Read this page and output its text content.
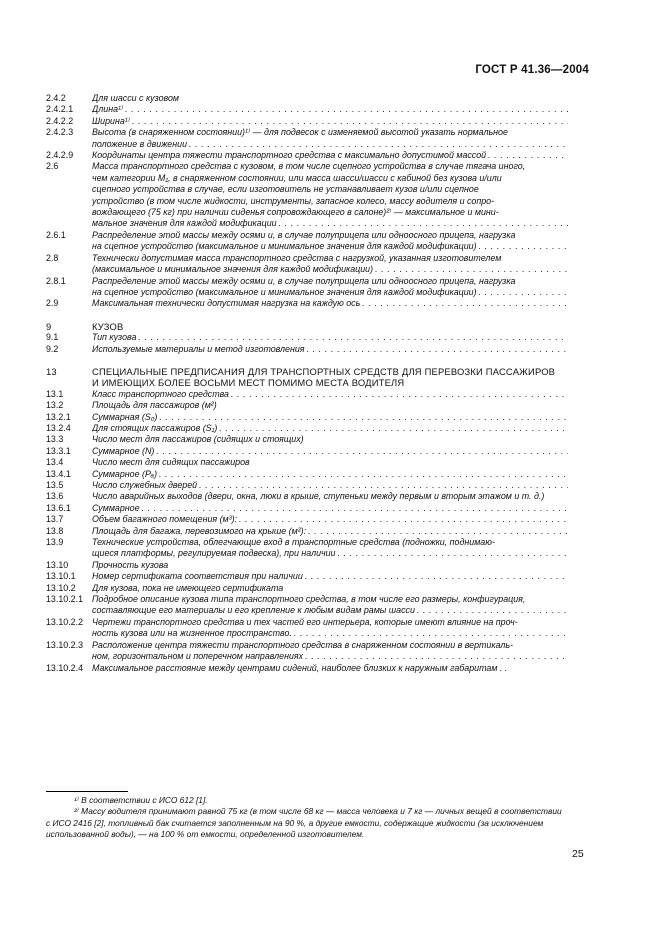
ГОСТ Р 41.36—2004
2.4.2	Для шасси с кузовом
2.4.2.1	Длина¹⁾
. . .
2.4.2.2	Ширина¹⁾
. . .
2.4.2.3	Высота (в снаряженном состоянии)¹⁾ — для подвесок с изменяемой высотой указать нормальное
положение в движении
. . .
2.4.2.9	Координаты центра тяжести транспортного средства с максимально допустимой массой
. . .
2.6	Масса транспортного средства с кузовом, в том числе сцепного устройства в случае тягача иного,
чем категории M₁, в снаряженном состоянии, или масса шасси/шасси с кабиной без кузова и/или
сцепного устройства в случае, если изготовитель не устанавливает кузов и/или сцепное
устройство (в том числе жидкости, инструменты, запасное колесо, массу водителя и сопро-
вождающего (75 кг) при наличии сиденья сопровождающего в салоне)²⁾ — максимальное и мини-
мальное значения для каждой модификации
. . .
2.6.1	Распределение этой массы между осями и, в случае полуприцепа или одноосного прицепа, нагрузка
на сцепное устройство (максимальное и минимальное значения для каждой модификации)
. . .
2.8	Технически допустимая масса транспортного средства с нагрузкой, указанная изготовителем
(максимальное и минимальное значения для каждой модификации)
. . .
2.8.1	Распределение этой массы между осями и, в случае полуприцепа или одноосного прицепа, нагрузка
на сцепное устройство (максимальное и минимальное значения для каждой модификации)
. . .
2.9	Максимальная технически допустимая нагрузка на каждую ось
. . .
9	КУЗОВ
9.1	Тип кузова
. . .
9.2	Используемые материалы и метод изготовления
. . .
13	СПЕЦИАЛЬНЫЕ ПРЕДПИСАНИЯ ДЛЯ ТРАНСПОРТНЫХ СРЕДСТВ ДЛЯ ПЕРЕВОЗКИ ПАССАЖИРОВ
И ИМЕЮЩИХ БОЛЕЕ ВОСЬМИ МЕСТ ПОМИМО МЕСТА ВОДИТЕЛЯ
13.1	Класс транспортного средства
. . .
13.2	Площадь для пассажиров (м²)
13.2.1	Суммарная (S₀)
. . .
13.2.4	Для стоящих пассажиров (S₁)
. . .
13.3	Число мест для пассажиров (сидящих и стоящих)
13.3.1	Суммарное (N)
. . .
13.4	Число мест для сидящих пассажиров
13.4.1	Суммарное (Pₐ)
. . .
13.5	Число служебных дверей
. . .
13.6	Число аварийных выходов (двери, окна, люки в крыше, ступеньки между первым и вторым этажом и т. д.)
13.6.1	Суммарное
. . .
13.7	Объем багажного помещения (м³):
. . .
13.8	Площадь для багажа, перевозимого на крыше (м²):
. . .
13.9	Технические устройства, облегчающие вход в транспортные средства (подножки, поднимаю-
щиеся платформы, регулируемая подвеска), при наличии
. . .
13.10	Прочность кузова
13.10.1	Номер сертификата соответствия при наличии
. . .
13.10.2	Для кузова, пока не имеющего сертификата
13.10.2.1	Подробное описание кузова типа транспортного средства, в том числе его размеры, конфигурация,
составляющие его материалы и его крепление к любым видам рамы шасси
. . .
13.10.2.2	Чертежи транспортного средства и тех частей его интерьера, которые имеют влияние на проч-
ность кузова или на жизненное пространство.
. . .
13.10.2.3	Расположение центра тяжести транспортного средства в снаряженном состоянии в вертикаль-
ном, горизонтальном и поперечном направлениях
. . .
13.10.2.4	Максимальное расстояние между центрами сидений, наиболее близких к наружным габаритам . .

¹⁾ В соответствии с ИСО 612 [1].

²⁾ Массу водителя принимают равной 75 кг (в том числе 68 кг — масса человека и 7 кг — личных вещей в соответствии с ИСО 2416 [2], топливный бак считается заполненным на 90 %, а другие емкости, содержащие жидкости (за исключением использованной воды), — на 100 % от емкости, определенной изготовителем.

25
